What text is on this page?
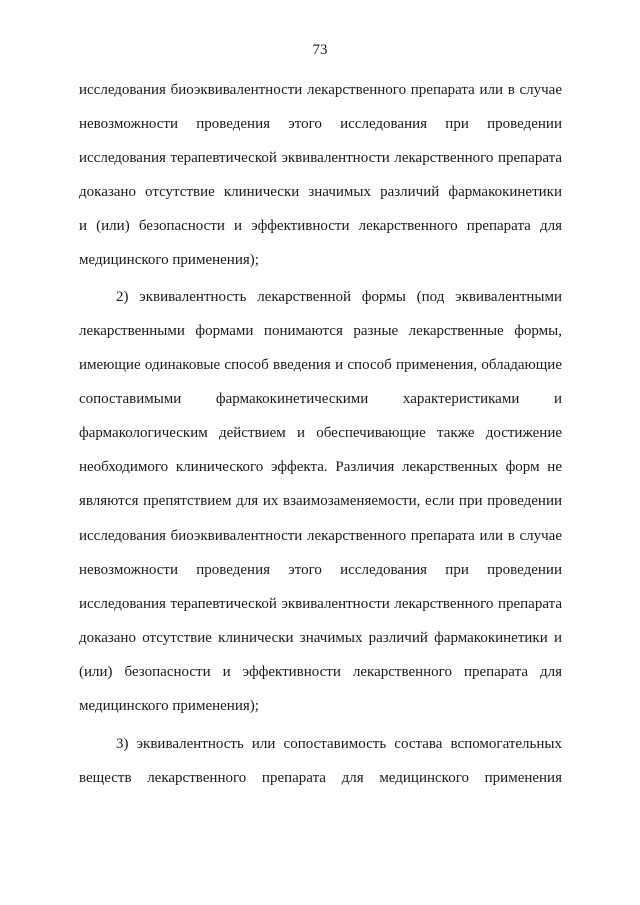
73
исследования биоэквивалентности лекарственного препарата или в случае
невозможности проведения этого исследования при проведении
исследования терапевтической эквивалентности лекарственного препарата
доказано отсутствие клинически значимых различий фармакокинетики
и (или) безопасности и эффективности лекарственного препарата для
медицинского применения);
2) эквивалентность лекарственной формы (под эквивалентными
лекарственными формами понимаются разные лекарственные формы,
имеющие одинаковые способ введения и способ применения, обладающие
сопоставимыми фармакокинетическими характеристиками и
фармакологическим действием и обеспечивающие также достижение
необходимого клинического эффекта. Различия лекарственных форм не
являются препятствием для их взаимозаменяемости, если при проведении
исследования биоэквивалентности лекарственного препарата или в случае
невозможности проведения этого исследования при проведении
исследования терапевтической эквивалентности лекарственного препарата
доказано отсутствие клинически значимых различий фармакокинетики и
(или) безопасности и эффективности лекарственного препарата для
медицинского применения);
3) эквивалентность или сопоставимость состава вспомогательных
веществ лекарственного препарата для медицинского применения
